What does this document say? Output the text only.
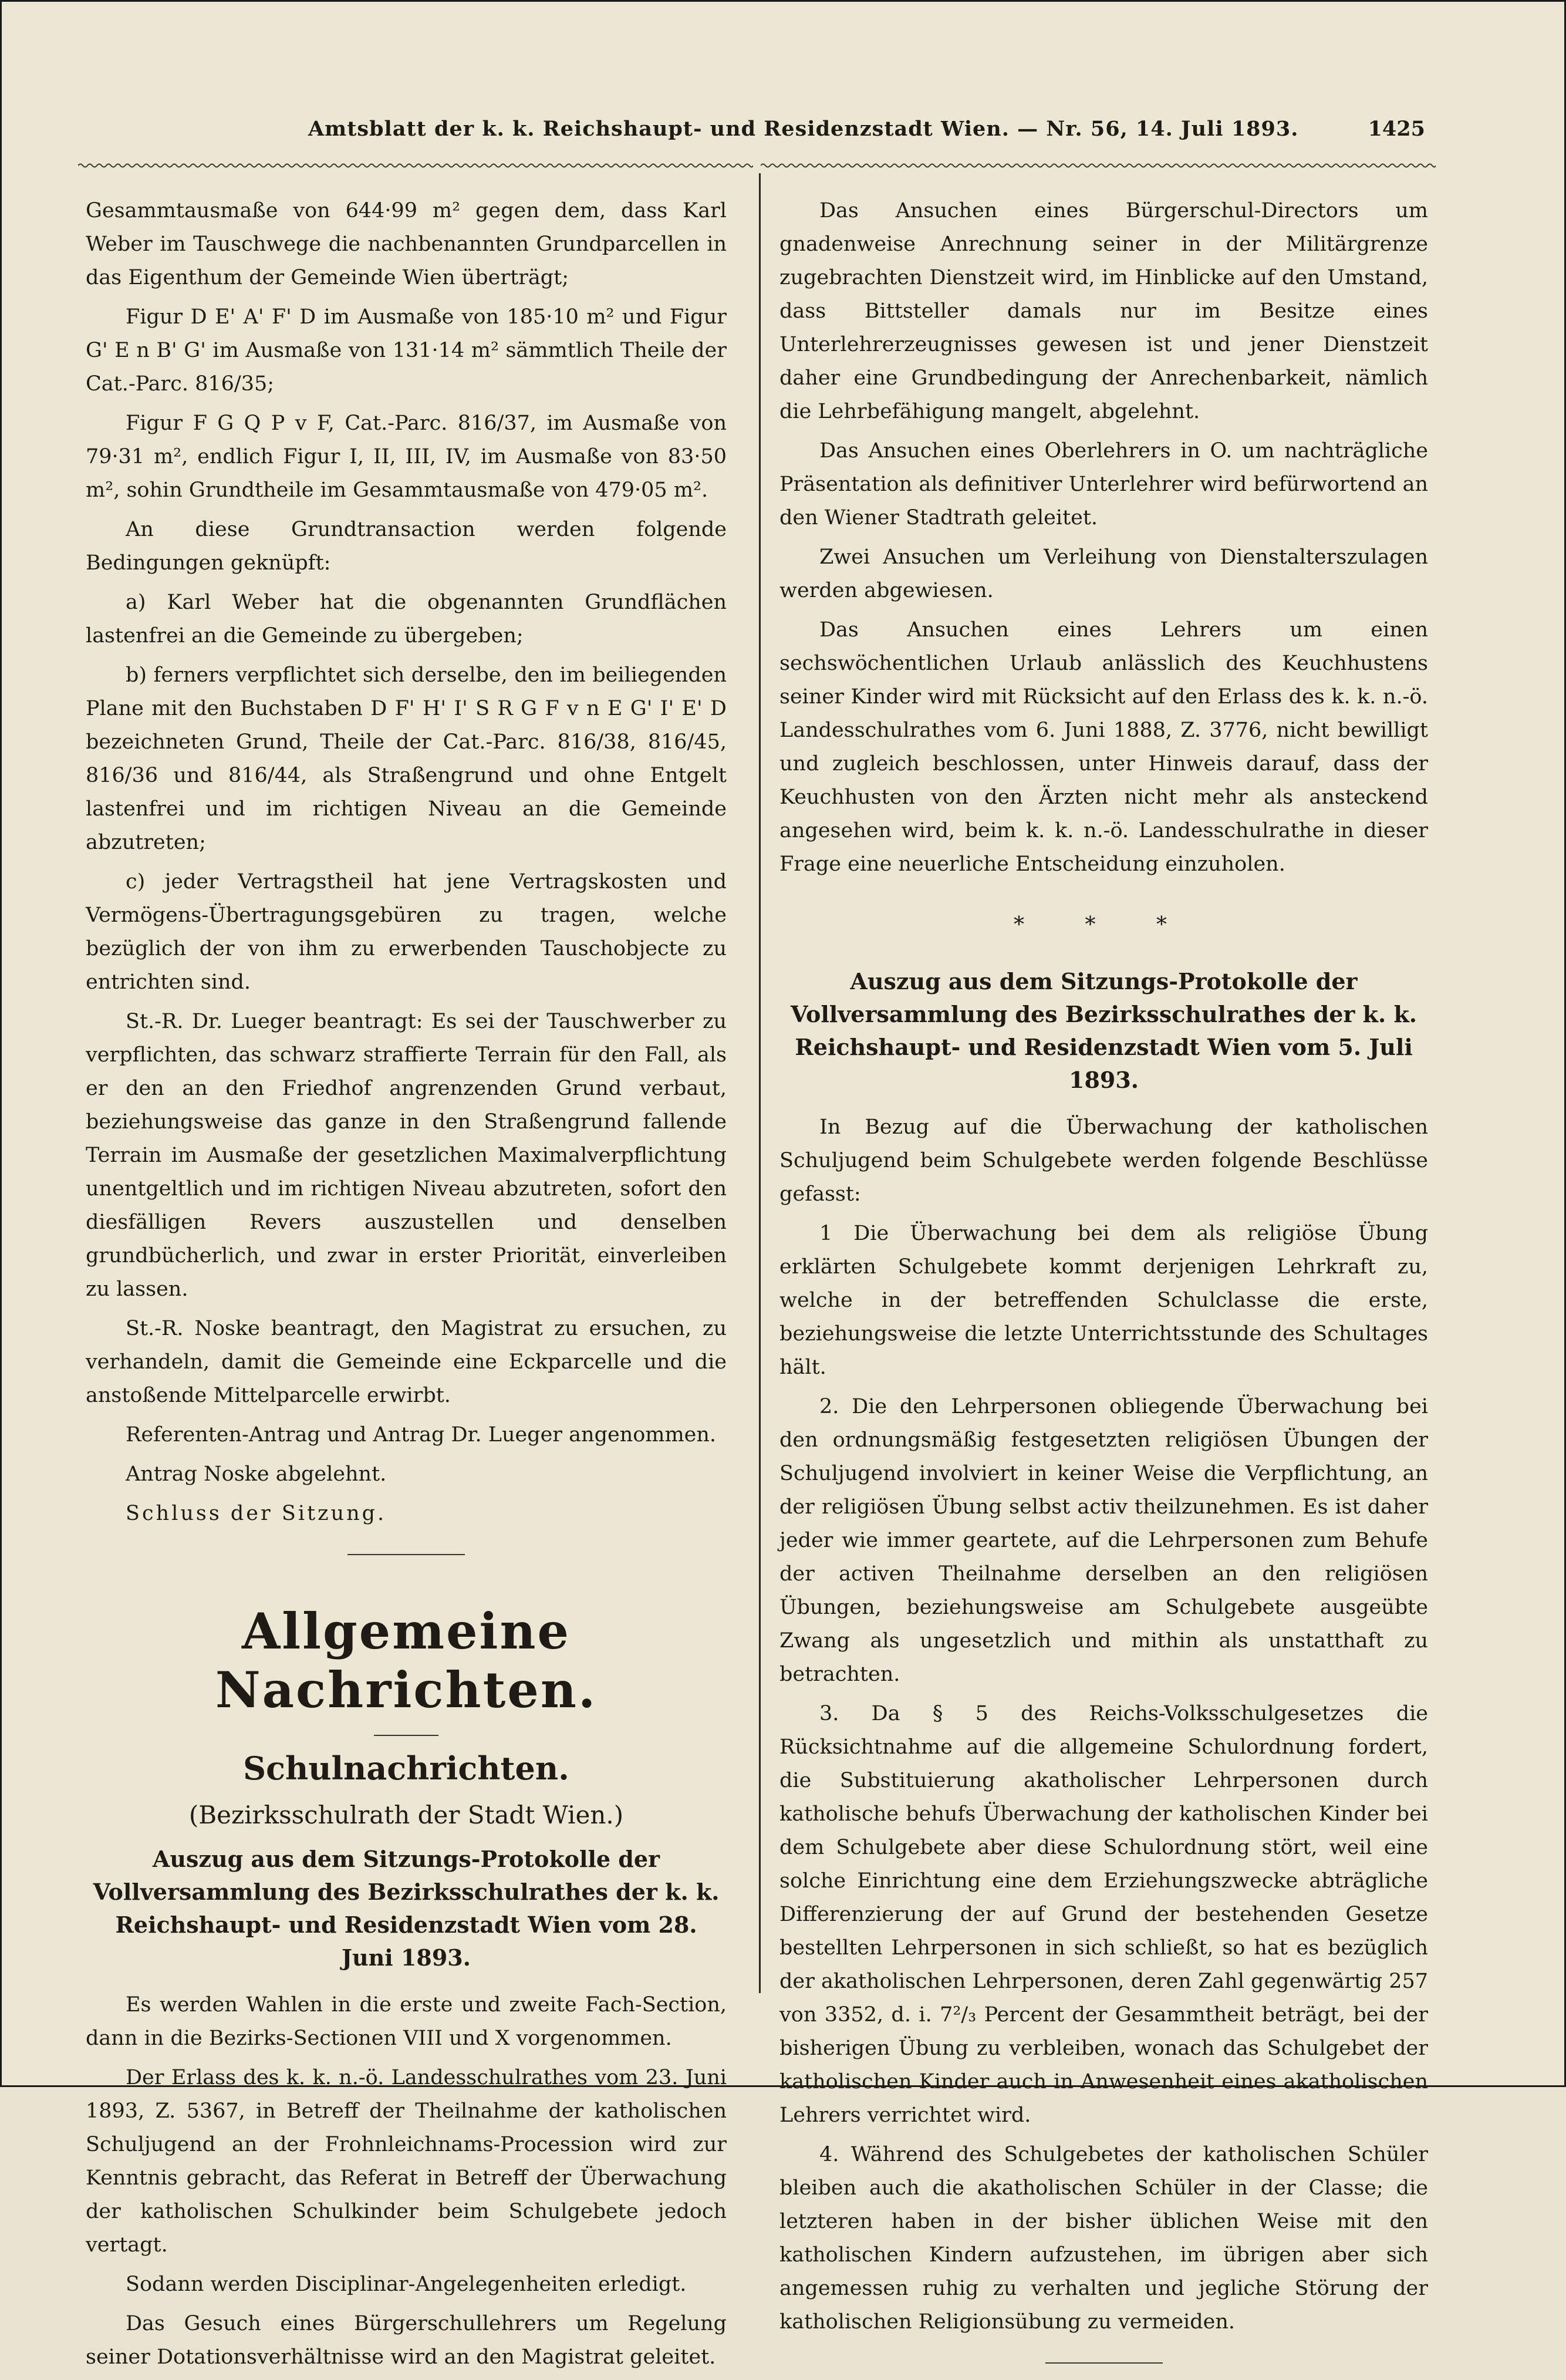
Amtsblatt der k. k. Reichshaupt- und Residenzstadt Wien. — Nr. 56, 14. Juli 1893.	1425

Gesammtausmaße von 644·99 m² gegen dem, dass Karl Weber im Tauschwege die nachbenannten Grundparcellen in das Eigenthum der Gemeinde Wien überträgt;

Figur D E' A' F' D im Ausmaße von 185·10 m² und Figur G' E n B' G' im Ausmaße von 131·14 m² sämmtlich Theile der Cat.-Parc. 816/35;

Figur F G Q P v F, Cat.-Parc. 816/37, im Ausmaße von 79·31 m², endlich Figur I, II, III, IV, im Ausmaße von 83·50 m², sohin Grundtheile im Gesammtausmaße von 479·05 m².

An diese Grundtransaction werden folgende Bedingungen geknüpft:

a) Karl Weber hat die obgenannten Grundflächen lastenfrei an die Gemeinde zu übergeben;

b) ferners verpflichtet sich derselbe, den im beiliegenden Plane mit den Buchstaben D F' H' I' S R G F v n E G' I' E' D bezeichneten Grund, Theile der Cat.-Parc. 816/38, 816/45, 816/36 und 816/44, als Straßengrund und ohne Entgelt lastenfrei und im richtigen Niveau an die Gemeinde abzutreten;

c) jeder Vertragstheil hat jene Vertragskosten und Vermögens-Übertragungsgebüren zu tragen, welche bezüglich der von ihm zu erwerbenden Tauschobjecte zu entrichten sind.

St.-R. Dr. Lueger beantragt: Es sei der Tauschwerber zu verpflichten, das schwarz straffierte Terrain für den Fall, als er den an den Friedhof angrenzenden Grund verbaut, beziehungsweise das ganze in den Straßengrund fallende Terrain im Ausmaße der gesetzlichen Maximalverpflichtung unentgeltlich und im richtigen Niveau abzutreten, sofort den diesfälligen Revers auszustellen und denselben grundbücherlich, und zwar in erster Priorität, einverleiben zu lassen.

St.-R. Noske beantragt, den Magistrat zu ersuchen, zu verhandeln, damit die Gemeinde eine Eckparcelle und die anstoßende Mittelparcelle erwirbt.

Referenten-Antrag und Antrag Dr. Lueger angenommen.

Antrag Noske abgelehnt.

Schluss der Sitzung.

Allgemeine Nachrichten.
Schulnachrichten.
(Bezirksschulrath der Stadt Wien.)
Auszug aus dem Sitzungs-Protokolle der Vollversammlung des Bezirksschulrathes der k. k. Reichshaupt- und Residenzstadt Wien vom 28. Juni 1893.

Es werden Wahlen in die erste und zweite Fach-Section, dann in die Bezirks-Sectionen VIII und X vorgenommen.

Der Erlass des k. k. n.-ö. Landesschulrathes vom 23. Juni 1893, Z. 5367, in Betreff der Theilnahme der katholischen Schuljugend an der Frohnleichnams-Procession wird zur Kenntnis gebracht, das Referat in Betreff der Überwachung der katholischen Schulkinder beim Schulgebete jedoch vertagt.

Sodann werden Disciplinar-Angelegenheiten erledigt.

Das Gesuch eines Bürgerschullehrers um Regelung seiner Dotationsverhältnisse wird an den Magistrat geleitet.

Das Ansuchen eines Bürgerschul-Directors um gnadenweise Anrechnung seiner in der Militärgrenze zugebrachten Dienstzeit wird, im Hinblicke auf den Umstand, dass Bittsteller damals nur im Besitze eines Unterlehrerzeugnisses gewesen ist und jener Dienstzeit daher eine Grundbedingung der Anrechenbarkeit, nämlich die Lehrbefähigung mangelt, abgelehnt.

Das Ansuchen eines Oberlehrers in O. um nachträgliche Präsentation als definitiver Unterlehrer wird befürwortend an den Wiener Stadtrath geleitet.

Zwei Ansuchen um Verleihung von Dienstalterszulagen werden abgewiesen.

Das Ansuchen eines Lehrers um einen sechswöchentlichen Urlaub anlässlich des Keuchhustens seiner Kinder wird mit Rücksicht auf den Erlass des k. k. n.-ö. Landesschulrathes vom 6. Juni 1888, Z. 3776, nicht bewilligt und zugleich beschlossen, unter Hinweis darauf, dass der Keuchhusten von den Ärzten nicht mehr als ansteckend angesehen wird, beim k. k. n.-ö. Landesschulrathe in dieser Frage eine neuerliche Entscheidung einzuholen.

* * *
Auszug aus dem Sitzungs-Protokolle der Vollversammlung des Bezirksschulrathes der k. k. Reichshaupt- und Residenzstadt Wien vom 5. Juli 1893.

In Bezug auf die Überwachung der katholischen Schuljugend beim Schulgebete werden folgende Beschlüsse gefasst:

1 Die Überwachung bei dem als religiöse Übung erklärten Schulgebete kommt derjenigen Lehrkraft zu, welche in der betreffenden Schulclasse die erste, beziehungsweise die letzte Unterrichtsstunde des Schultages hält.

2. Die den Lehrpersonen obliegende Überwachung bei den ordnungsmäßig festgesetzten religiösen Übungen der Schuljugend involviert in keiner Weise die Verpflichtung, an der religiösen Übung selbst activ theilzunehmen. Es ist daher jeder wie immer geartete, auf die Lehrpersonen zum Behufe der activen Theilnahme derselben an den religiösen Übungen, beziehungsweise am Schulgebete ausgeübte Zwang als ungesetzlich und mithin als unstatthaft zu betrachten.

3. Da § 5 des Reichs-Volksschulgesetzes die Rücksichtnahme auf die allgemeine Schulordnung fordert, die Substituierung akatholischer Lehrpersonen durch katholische behufs Überwachung der katholischen Kinder bei dem Schulgebete aber diese Schulordnung stört, weil eine solche Einrichtung eine dem Erziehungszwecke abträgliche Differenzierung der auf Grund der bestehenden Gesetze bestellten Lehrpersonen in sich schließt, so hat es bezüglich der akatholischen Lehrpersonen, deren Zahl gegenwärtig 257 von 3352, d. i. 7²/₃ Percent der Gesammtheit beträgt, bei der bisherigen Übung zu verbleiben, wonach das Schulgebet der katholischen Kinder auch in Anwesenheit eines akatholischen Lehrers verrichtet wird.

4. Während des Schulgebetes der katholischen Schüler bleiben auch die akatholischen Schüler in der Classe; die letzteren haben in der bisher üblichen Weise mit den katholischen Kindern aufzustehen, im übrigen aber sich angemessen ruhig zu verhalten und jegliche Störung der katholischen Religionsübung zu vermeiden.
